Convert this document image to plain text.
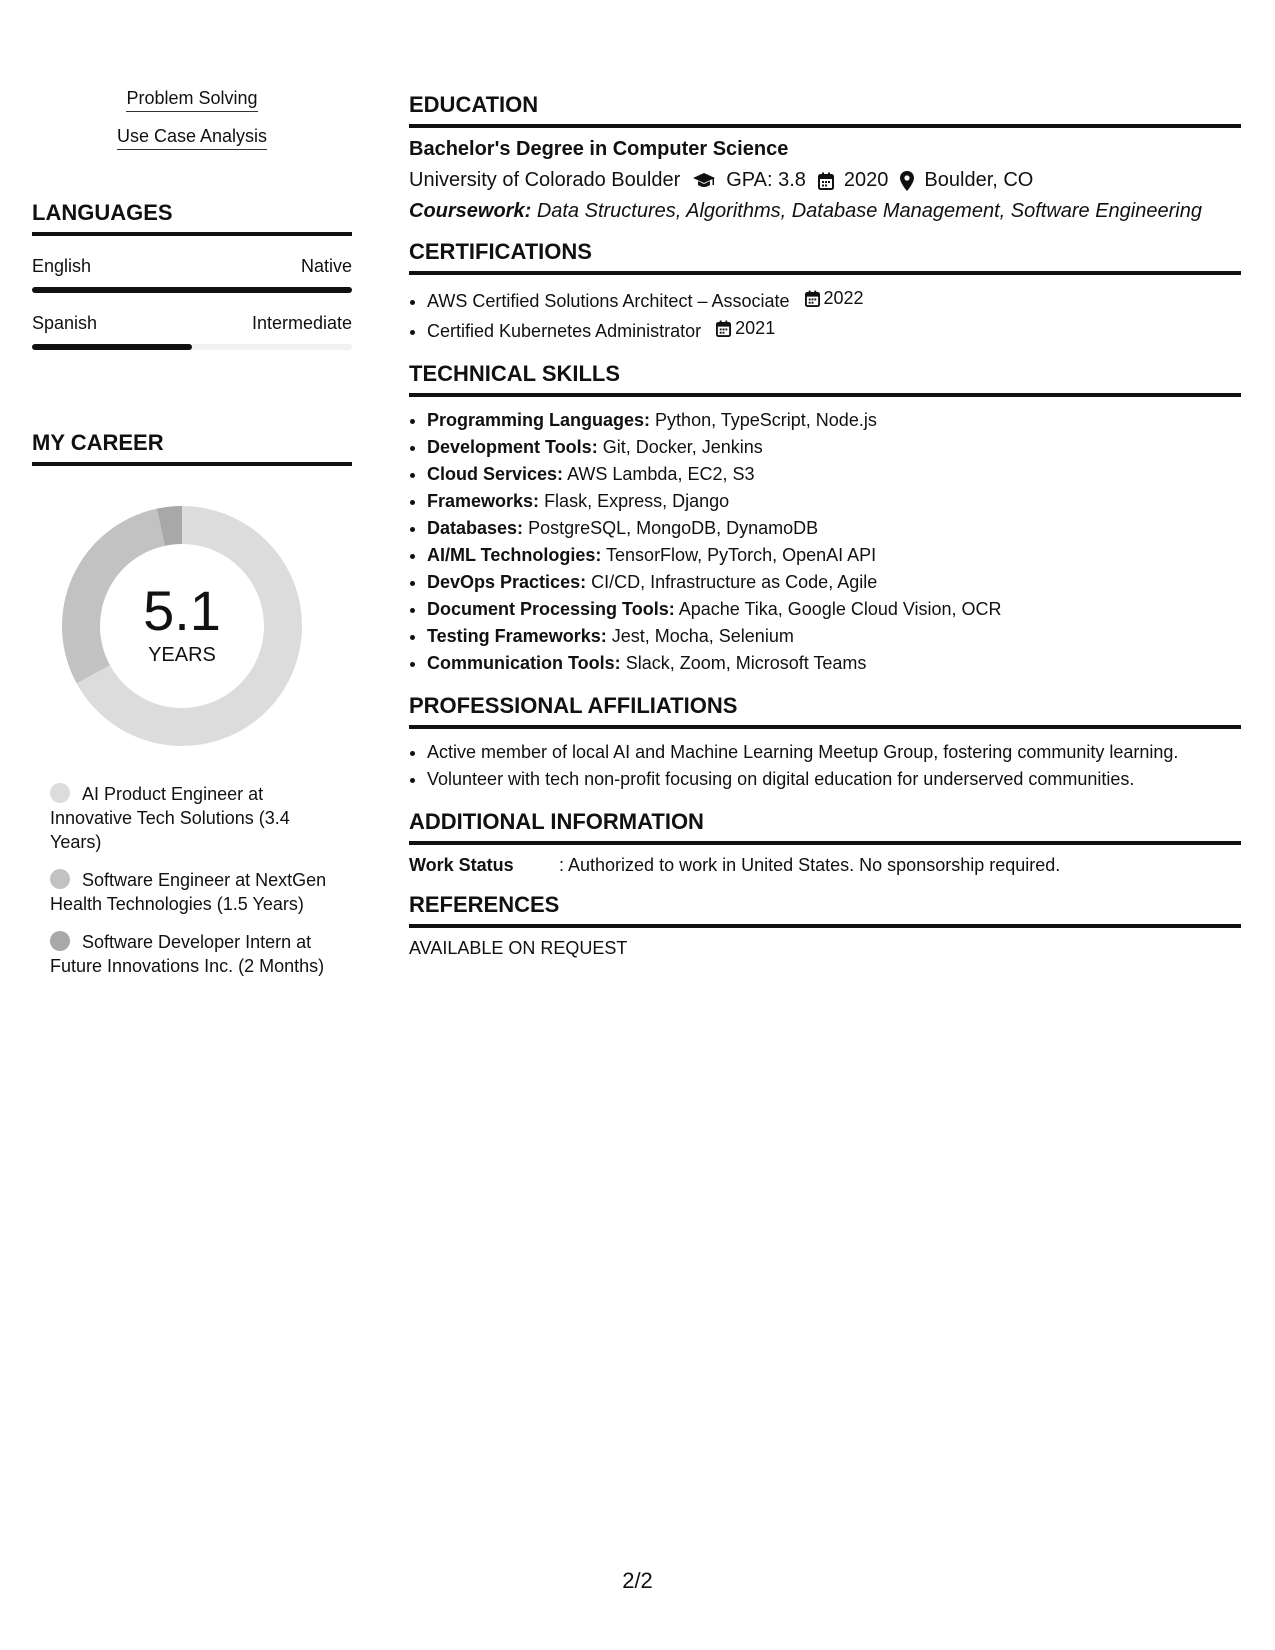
Problem Solving
Use Case Analysis
LANGUAGES
English	Native
Spanish	Intermediate
MY CAREER
5.1
YEARS
AI Product Engineer at Innovative Tech Solutions (3.4 Years)
Software Engineer at NextGen Health Technologies (1.5 Years)
Software Developer Intern at Future Innovations Inc. (2 Months)
EDUCATION
Bachelor's Degree in Computer Science
University of Colorado Boulder GPA: 3.8 2020 Boulder, CO
Coursework: Data Structures, Algorithms, Database Management, Software Engineering
CERTIFICATIONS
• AWS Certified Solutions Architect – Associate 2022
• Certified Kubernetes Administrator 2021
TECHNICAL SKILLS
• Programming Languages: Python, TypeScript, Node.js
• Development Tools: Git, Docker, Jenkins
• Cloud Services: AWS Lambda, EC2, S3
• Frameworks: Flask, Express, Django
• Databases: PostgreSQL, MongoDB, DynamoDB
• AI/ML Technologies: TensorFlow, PyTorch, OpenAI API
• DevOps Practices: CI/CD, Infrastructure as Code, Agile
• Document Processing Tools: Apache Tika, Google Cloud Vision, OCR
• Testing Frameworks: Jest, Mocha, Selenium
• Communication Tools: Slack, Zoom, Microsoft Teams
PROFESSIONAL AFFILIATIONS
• Active member of local AI and Machine Learning Meetup Group, fostering community learning.
• Volunteer with tech non-profit focusing on digital education for underserved communities.
ADDITIONAL INFORMATION
Work Status	: Authorized to work in United States. No sponsorship required.
REFERENCES
AVAILABLE ON REQUEST
2/2
